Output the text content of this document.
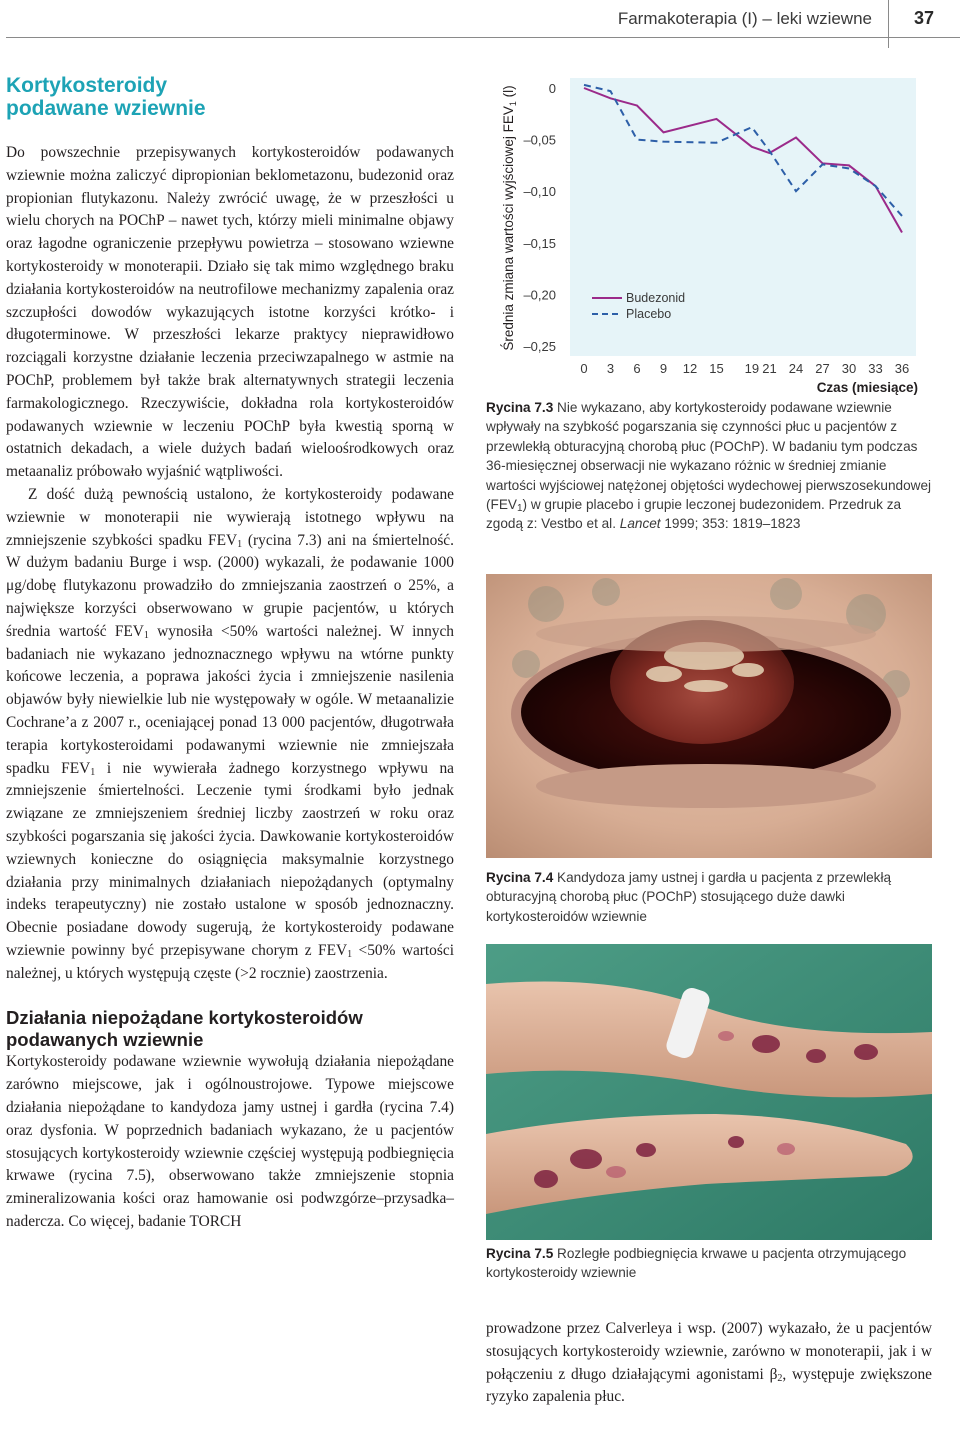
Farmakoterapia (I) – leki wziewne	37
Kortykosteroidy
podawane wziewnie

Do powszechnie przepisywanych kortykosteroidów podawanych wziewnie można zaliczyć dipropionian beklometazonu, budezonid oraz propionian flutykazonu. Należy zwrócić uwagę, że w przeszłości u wielu chorych na POChP – nawet tych, którzy mieli minimalne objawy oraz łagodne ograniczenie przepływu powietrza – stosowano wziewne kortykosteroidy w monoterapii. Działo się tak mimo względnego braku działania kortykosteroidów na neutrofilowe mechanizmy zapalenia oraz szczupłości dowodów wykazujących istotne korzyści krótko- i długoterminowe. W przeszłości lekarze praktycy nieprawidłowo rozciągali korzystne działanie leczenia przeciwzapalnego w astmie na POChP, problemem był także brak alternatywnych strategii leczenia farmakologicznego. Rzeczywiście, dokładna rola kortykosteroidów podawanych wziewnie w leczeniu POChP była kwestią sporną w ostatnich dekadach, a wiele dużych badań wieloośrodkowych oraz metaanaliz próbowało wyjaśnić wątpliwości.

Z dość dużą pewnością ustalono, że kortykosteroidy podawane wziewnie w monoterapii nie wywierają istotnego wpływu na zmniejszenie szybkości spadku $FEV_1$ (rycina 7.3) ani na śmiertelność. W dużym badaniu Burge i wsp. (2000) wykazali, że podawanie 1000 μg/dobę flutykazonu prowadziło do zmniejszania zaostrzeń o 25%, a największe korzyści obserwowano w grupie pacjentów, u których średnia wartość $FEV_1$ wynosiła <50% wartości należnej. W innych badaniach nie wykazano jednoznacznego wpływu na wtórne punkty końcowe leczenia, a poprawa jakości życia i zmniejszenie nasilenia objawów były niewielkie lub nie występowały w ogóle. W metaanalizie Cochrane’a z 2007 r., oceniającej ponad 13 000 pacjentów, długotrwała terapia kortykosteroidami podawanymi wziewnie nie zmniejszała spadku $FEV_1$ i nie wywierała żadnego korzystnego wpływu na zmniejszenie śmiertelności. Leczenie tymi środkami było jednak związane ze zmniejszeniem średniej liczby zaostrzeń w roku oraz szybkości pogarszania się jakości życia. Dawkowanie kortykosteroidów wziewnych konieczne do osiągnięcia maksymalnie korzystnego działania przy minimalnych działaniach niepożądanych (optymalny indeks terapeutyczny) nie zostało ustalone w sposób jednoznaczny. Obecnie posiadane dowody sugerują, że kortykosteroidy podawane wziewnie powinny być przepisywane chorym z $FEV_1 <50\%$ wartości należnej, u których występują częste (>2 rocznie) zaostrzenia.

Działania niepożądane kortykosteroidów
podawanych wziewnie

Kortykosteroidy podawane wziewnie wywołują działania niepożądane zarówno miejscowe, jak i ogólnoustrojowe. Typowe miejscowe działania niepożądane to kandydoza jamy ustnej i gardła (rycina 7.4) oraz dysfonia. W poprzednich badaniach wykazano, że u pacjentów stosujących kortykosteroidy wziewnie częściej występują podbiegnięcia krwawe (rycina 7.5), obserwowano także zmniejszenie stopnia zmineralizowania kości oraz hamowanie osi podwzgórze–przysadka–nadercza. Co więcej, badanie TORCH

Średnia zmiana wartości wyjściowej $FEV_1$ (l)	0
–0,05
–0,10
–0,15
–0,20
–0,25
0 3 6 9 12 15 19 21 24 27 30 33 36
Czas (miesiące)
Budezonid
Placebo
Rycina 7.3 Nie wykazano, aby kortykosteroidy podawane wziewnie wpływały na szybkość pogarszania się czynności płuc u pacjentów z przewlekłą obturacyjną chorobą płuc (POChP). W badaniu tym podczas 36-miesięcznej obserwacji nie wykazano różnic w średniej zmianie wartości wyjściowej natężonej objętości wydechowej pierwszosekundowej $(FEV_1)$ w grupie placebo i grupie leczonej budezonidem. Przedruk za zgodą z: Vestbo et al. Lancet 1999; 353: 1819–1823
Rycina 7.4 Kandydoza jamy ustnej i gardła u pacjenta z przewlekłą obturacyjną chorobą płuc (POChP) stosującego duże dawki kortykosteroidów wziewnie
Rycina 7.5 Rozległe podbiegnięcia krwawe u pacjenta otrzymującego kortykosteroidy wziewnie

prowadzone przez Calverleya i wsp. (2007) wykazało, że u pacjentów stosujących kortykosteroidy wziewnie, zarówno w monoterapii, jak i w połączeniu z długo działającymi agonistami $\beta_2$, występuje zwiększone ryzyko zapalenia płuc.
